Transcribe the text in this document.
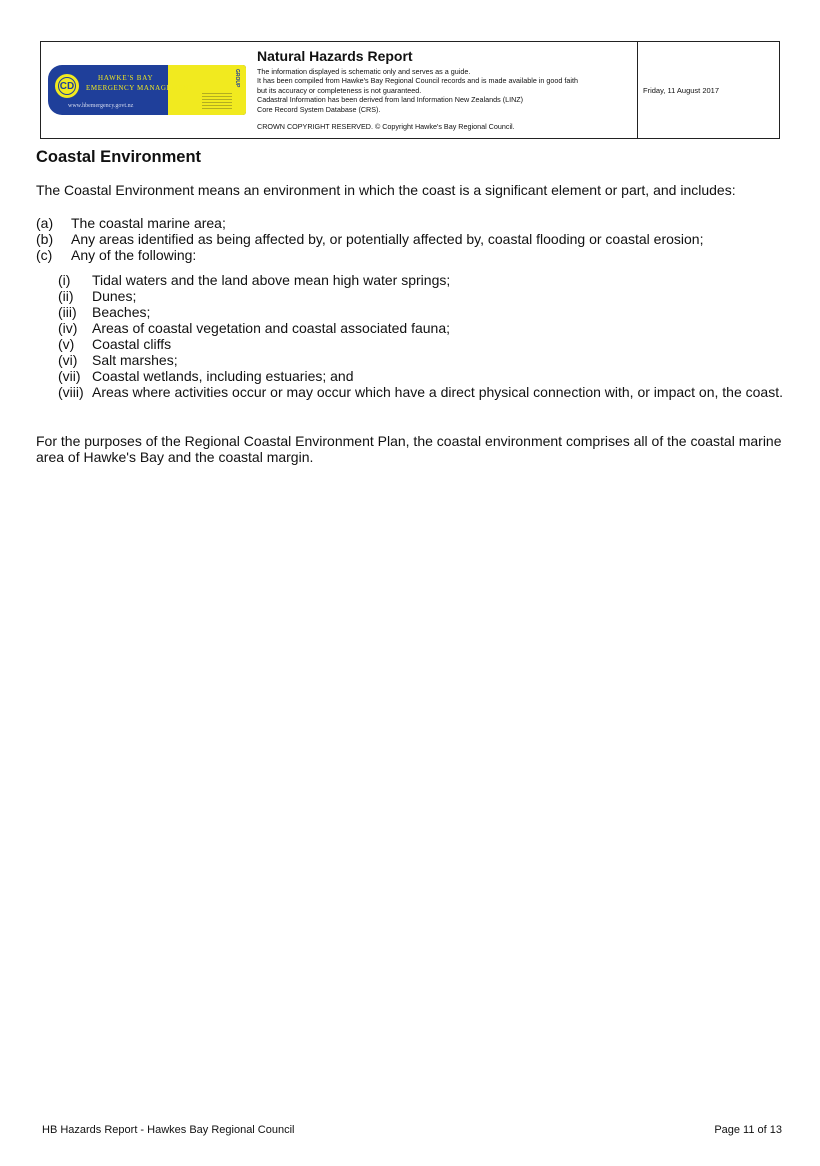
CD
HAWKE'S BAY
EMERGENCY MANAGEMENT
www.hbemergency.govt.nz
GROUP
Natural Hazards Report
The information displayed is schematic only and serves as a guide.
It has been compiled from Hawke's Bay Regional Council records and is made available in good faith
but its accuracy or completeness is not guaranteed.
Cadastral Information has been derived from land Information New Zealands (LINZ)
Core Record System Database (CRS).
CROWN COPYRIGHT RESERVED. © Copyright Hawke's Bay Regional Council.
Friday, 11 August 2017
Coastal Environment
The Coastal Environment means an environment in which the coast is a significant element or part, and includes:
(a) The coastal marine area;
(b) Any areas identified as being affected by, or potentially affected by, coastal flooding or coastal erosion;
(c) Any of the following:
(i) Tidal waters and the land above mean high water springs;
(ii) Dunes;
(iii) Beaches;
(iv) Areas of coastal vegetation and coastal associated fauna;
(v) Coastal cliffs
(vi) Salt marshes;
(vii) Coastal wetlands, including estuaries; and
(viii) Areas where activities occur or may occur which have a direct physical connection with, or impact on, the coast.
For the purposes of the Regional Coastal Environment Plan, the coastal environment comprises all of the coastal marine
area of Hawke's Bay and the coastal margin.
HB Hazards Report - Hawkes Bay Regional Council	Page 11 of 13
